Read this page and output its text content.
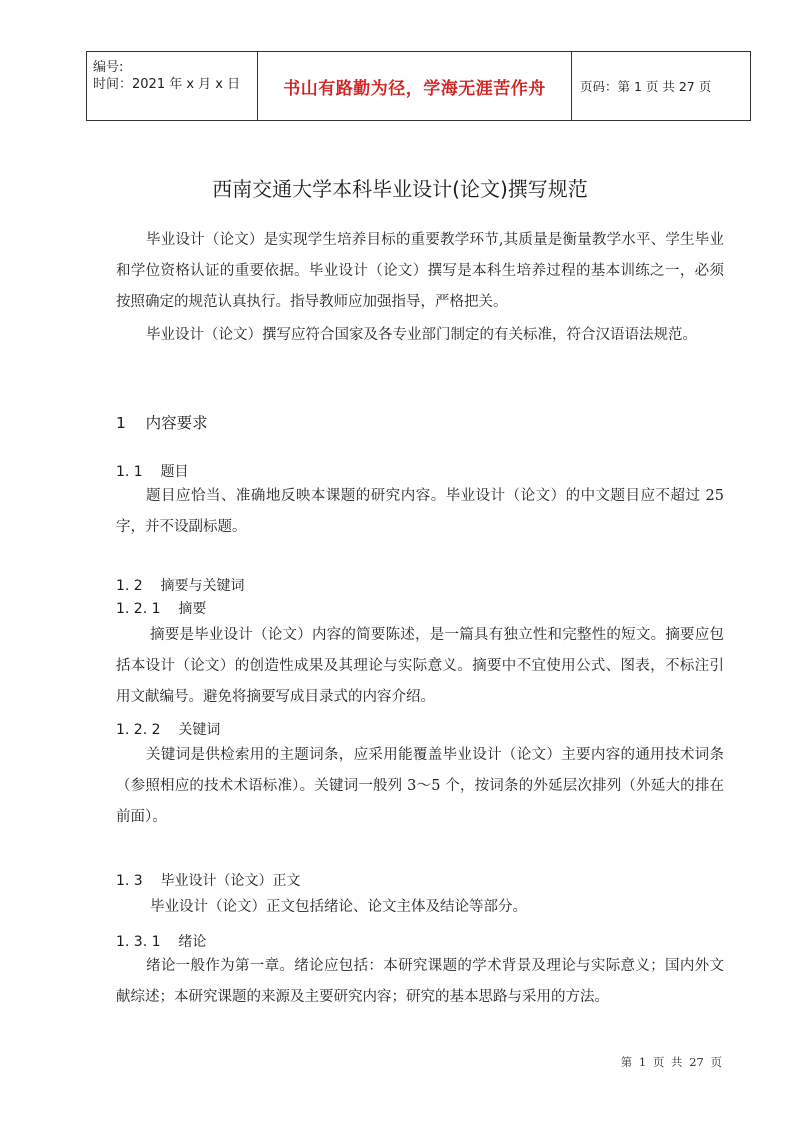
编号:
时间：2021 年 x 月 x 日	书山有路勤为径，学海无涯苦作舟	页码：第 1 页 共 27 页
西南交通大学本科毕业设计(论文)撰写规范

毕业设计（论文）是实现学生培养目标的重要教学环节,其质量是衡量教学水平、学生毕业和学位资格认证的重要依据。毕业设计（论文）撰写是本科生培养过程的基本训练之一，必须按照确定的规范认真执行。指导教师应加强指导，严格把关。

毕业设计（论文）撰写应符合国家及各专业部门制定的有关标准，符合汉语语法规范。

1 内容要求
1. 1 题目

题目应恰当、准确地反映本课题的研究内容。毕业设计（论文）的中文题目应不超过 25 字，并不设副标题。

1. 2 摘要与关键词
1. 2. 1 摘要

摘要是毕业设计（论文）内容的简要陈述，是一篇具有独立性和完整性的短文。摘要应包括本设计（论文）的创造性成果及其理论与实际意义。摘要中不宜使用公式、图表，不标注引用文献编号。避免将摘要写成目录式的内容介绍。

1. 2. 2 关键词

关键词是供检索用的主题词条，应采用能覆盖毕业设计（论文）主要内容的通用技术词条（参照相应的技术术语标准）。关键词一般列 3～5 个，按词条的外延层次排列（外延大的排在前面）。

1. 3 毕业设计（论文）正文

毕业设计（论文）正文包括绪论、论文主体及结论等部分。

1. 3. 1 绪论

绪论一般作为第一章。绪论应包括：本研究课题的学术背景及理论与实际意义；国内外文献综述；本研究课题的来源及主要研究内容；研究的基本思路与采用的方法。

第 1 页 共 27 页
